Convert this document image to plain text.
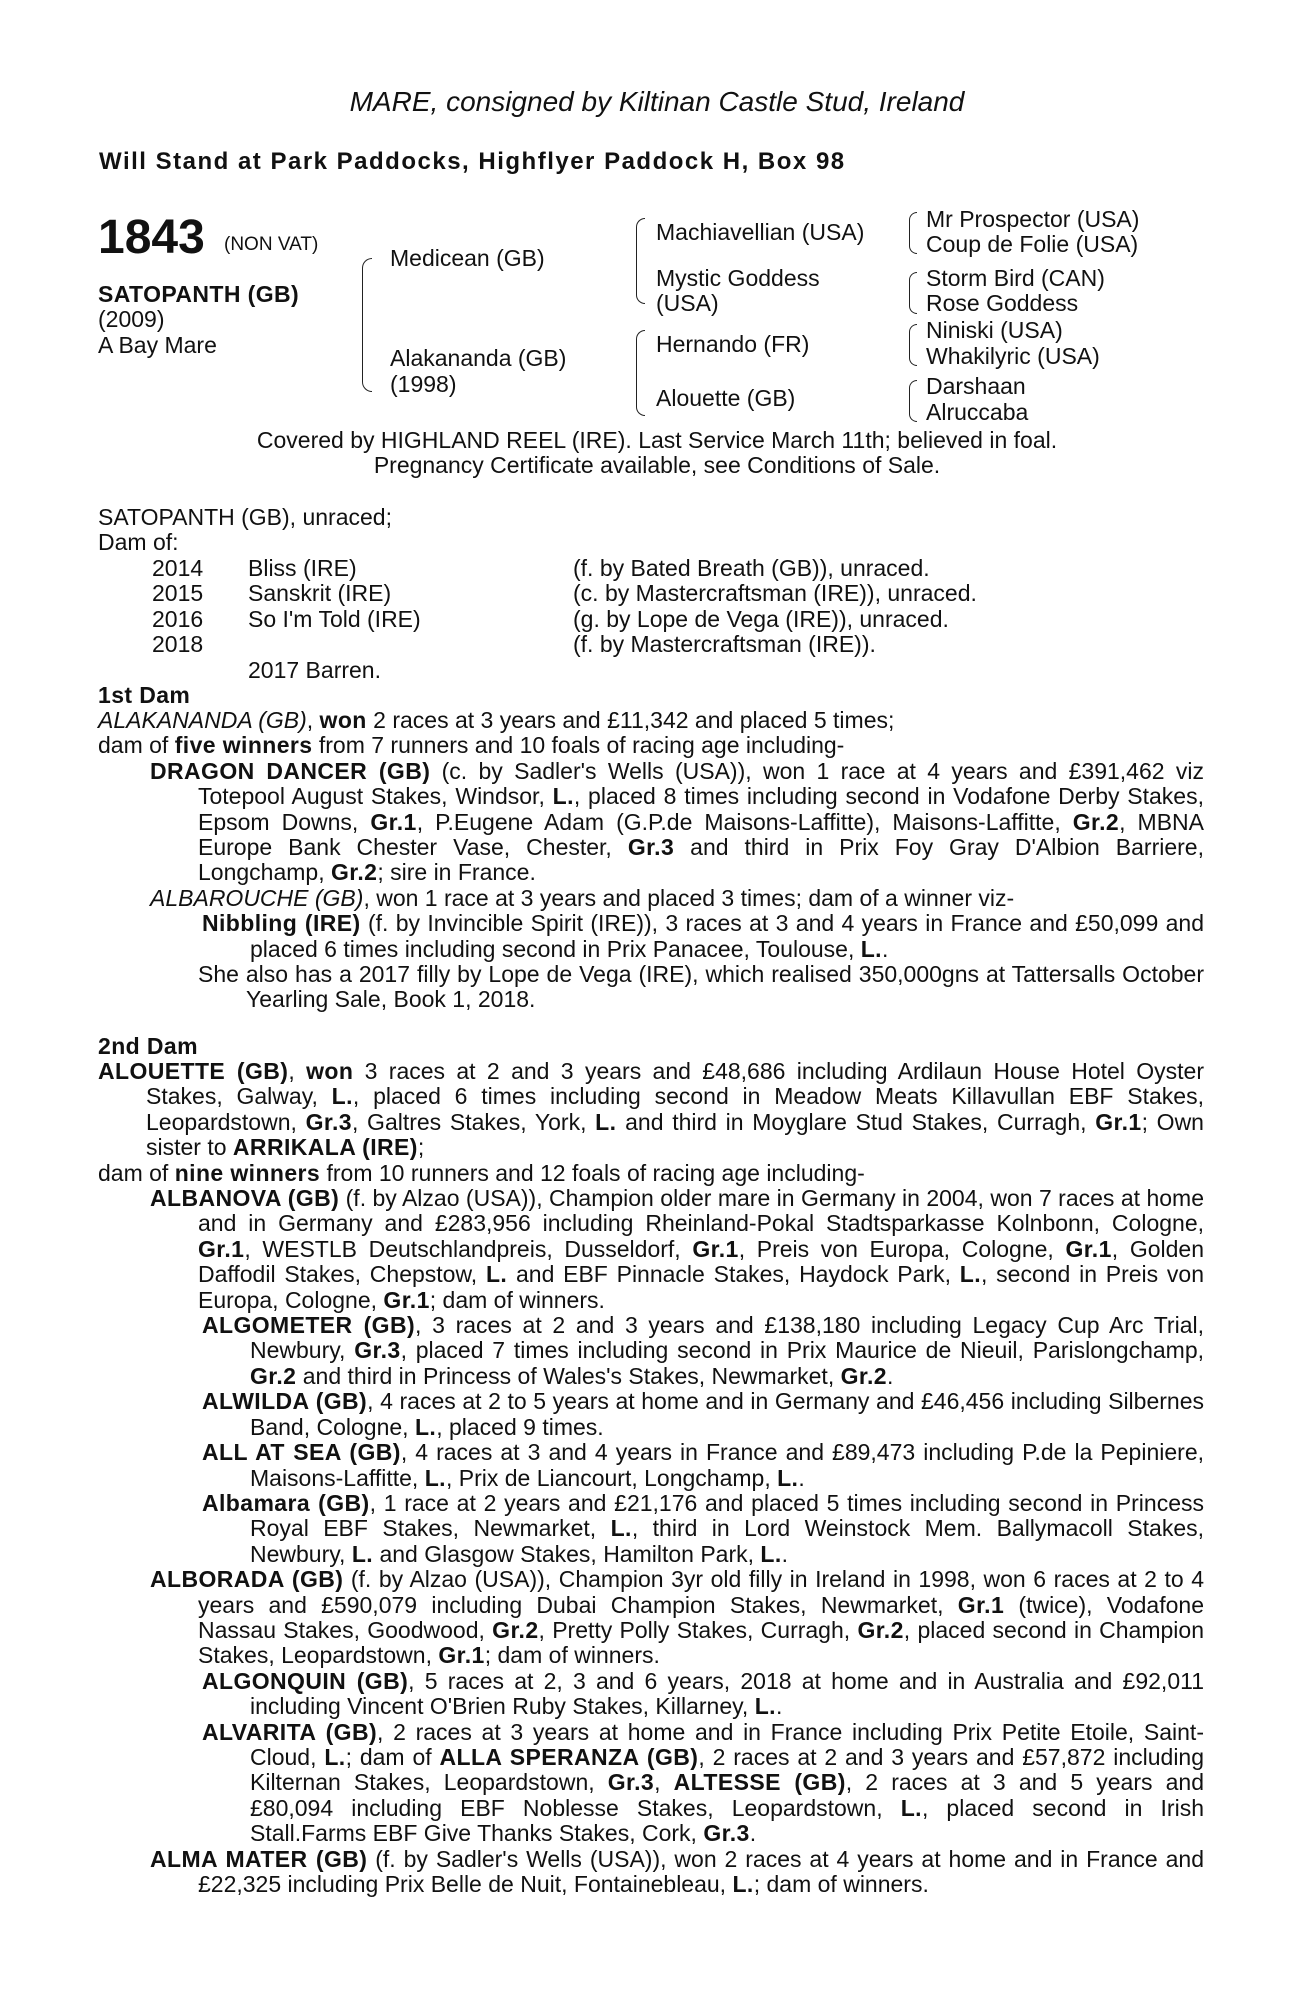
MARE, consigned by Kiltinan Castle Stud, Ireland
Will Stand at Park Paddocks, Highflyer Paddock H, Box 98
1843 (NON VAT)
SATOPANTH (GB)
(2009)
A Bay Mare
Medicean (GB)
Alakananda (GB)
(1998)
Machiavellian (USA)
Mystic Goddess
(USA)
Hernando (FR)
Alouette (GB)
Mr Prospector (USA)
Coup de Folie (USA)
Storm Bird (CAN)
Rose Goddess
Niniski (USA)
Whakilyric (USA)
Darshaan
Alruccaba
Covered by HIGHLAND REEL (IRE). Last Service March 11th; believed in foal.
Pregnancy Certificate available, see Conditions of Sale.
SATOPANTH (GB), unraced;
Dam of:
2014 Bliss (IRE)	(f. by Bated Breath (GB)), unraced.
2015 Sanskrit (IRE)	(c. by Mastercraftsman (IRE)), unraced.
2016 So I'm Told (IRE)	(g. by Lope de Vega (IRE)), unraced.
2018	(f. by Mastercraftsman (IRE)).
2017 Barren.
1st Dam

ALAKANANDA (GB), won 2 races at 3 years and £11,342 and placed 5 times;

dam of five winners from 7 runners and 10 foals of racing age including-

DRAGON DANCER (GB) (c. by Sadler's Wells (USA)), won 1 race at 4 years and £391,462 viz Totepool August Stakes, Windsor, L., placed 8 times including second in Vodafone Derby Stakes, Epsom Downs, Gr.1, P.Eugene Adam (G.P.de Maisons-Laffitte), Maisons-Laffitte, Gr.2, MBNA Europe Bank Chester Vase, Chester, Gr.3 and third in Prix Foy Gray D'Albion Barriere, Longchamp, Gr.2; sire in France.

ALBAROUCHE (GB), won 1 race at 3 years and placed 3 times; dam of a winner viz-

Nibbling (IRE) (f. by Invincible Spirit (IRE)), 3 races at 3 and 4 years in France and £50,099 and placed 6 times including second in Prix Panacee, Toulouse, L..

She also has a 2017 filly by Lope de Vega (IRE), which realised 350,000gns at Tattersalls October Yearling Sale, Book 1, 2018.

2nd Dam

ALOUETTE (GB), won 3 races at 2 and 3 years and £48,686 including Ardilaun House Hotel Oyster Stakes, Galway, L., placed 6 times including second in Meadow Meats Killavullan EBF Stakes, Leopardstown, Gr.3, Galtres Stakes, York, L. and third in Moyglare Stud Stakes, Curragh, Gr.1; Own sister to ARRIKALA (IRE);

dam of nine winners from 10 runners and 12 foals of racing age including-

ALBANOVA (GB) (f. by Alzao (USA)), Champion older mare in Germany in 2004, won 7 races at home and in Germany and £283,956 including Rheinland-Pokal Stadtsparkasse Kolnbonn, Cologne, Gr.1, WESTLB Deutschlandpreis, Dusseldorf, Gr.1, Preis von Europa, Cologne, Gr.1, Golden Daffodil Stakes, Chepstow, L. and EBF Pinnacle Stakes, Haydock Park, L., second in Preis von Europa, Cologne, Gr.1; dam of winners.

ALGOMETER (GB), 3 races at 2 and 3 years and £138,180 including Legacy Cup Arc Trial, Newbury, Gr.3, placed 7 times including second in Prix Maurice de Nieuil, Parislongchamp, Gr.2 and third in Princess of Wales's Stakes, Newmarket, Gr.2.

ALWILDA (GB), 4 races at 2 to 5 years at home and in Germany and £46,456 including Silbernes Band, Cologne, L., placed 9 times.

ALL AT SEA (GB), 4 races at 3 and 4 years in France and £89,473 including P.de la Pepiniere, Maisons-Laffitte, L., Prix de Liancourt, Longchamp, L..

Albamara (GB), 1 race at 2 years and £21,176 and placed 5 times including second in Princess Royal EBF Stakes, Newmarket, L., third in Lord Weinstock Mem. Ballymacoll Stakes, Newbury, L. and Glasgow Stakes, Hamilton Park, L..

ALBORADA (GB) (f. by Alzao (USA)), Champion 3yr old filly in Ireland in 1998, won 6 races at 2 to 4 years and £590,079 including Dubai Champion Stakes, Newmarket, Gr.1 (twice), Vodafone Nassau Stakes, Goodwood, Gr.2, Pretty Polly Stakes, Curragh, Gr.2, placed second in Champion Stakes, Leopardstown, Gr.1; dam of winners.

ALGONQUIN (GB), 5 races at 2, 3 and 6 years, 2018 at home and in Australia and £92,011 including Vincent O'Brien Ruby Stakes, Killarney, L..

ALVARITA (GB), 2 races at 3 years at home and in France including Prix Petite Etoile, Saint-Cloud, L.; dam of ALLA SPERANZA (GB), 2 races at 2 and 3 years and £57,872 including Kilternan Stakes, Leopardstown, Gr.3, ALTESSE (GB), 2 races at 3 and 5 years and £80,094 including EBF Noblesse Stakes, Leopardstown, L., placed second in Irish Stall.Farms EBF Give Thanks Stakes, Cork, Gr.3.

ALMA MATER (GB) (f. by Sadler's Wells (USA)), won 2 races at 4 years at home and in France and £22,325 including Prix Belle de Nuit, Fontainebleau, L.; dam of winners.
